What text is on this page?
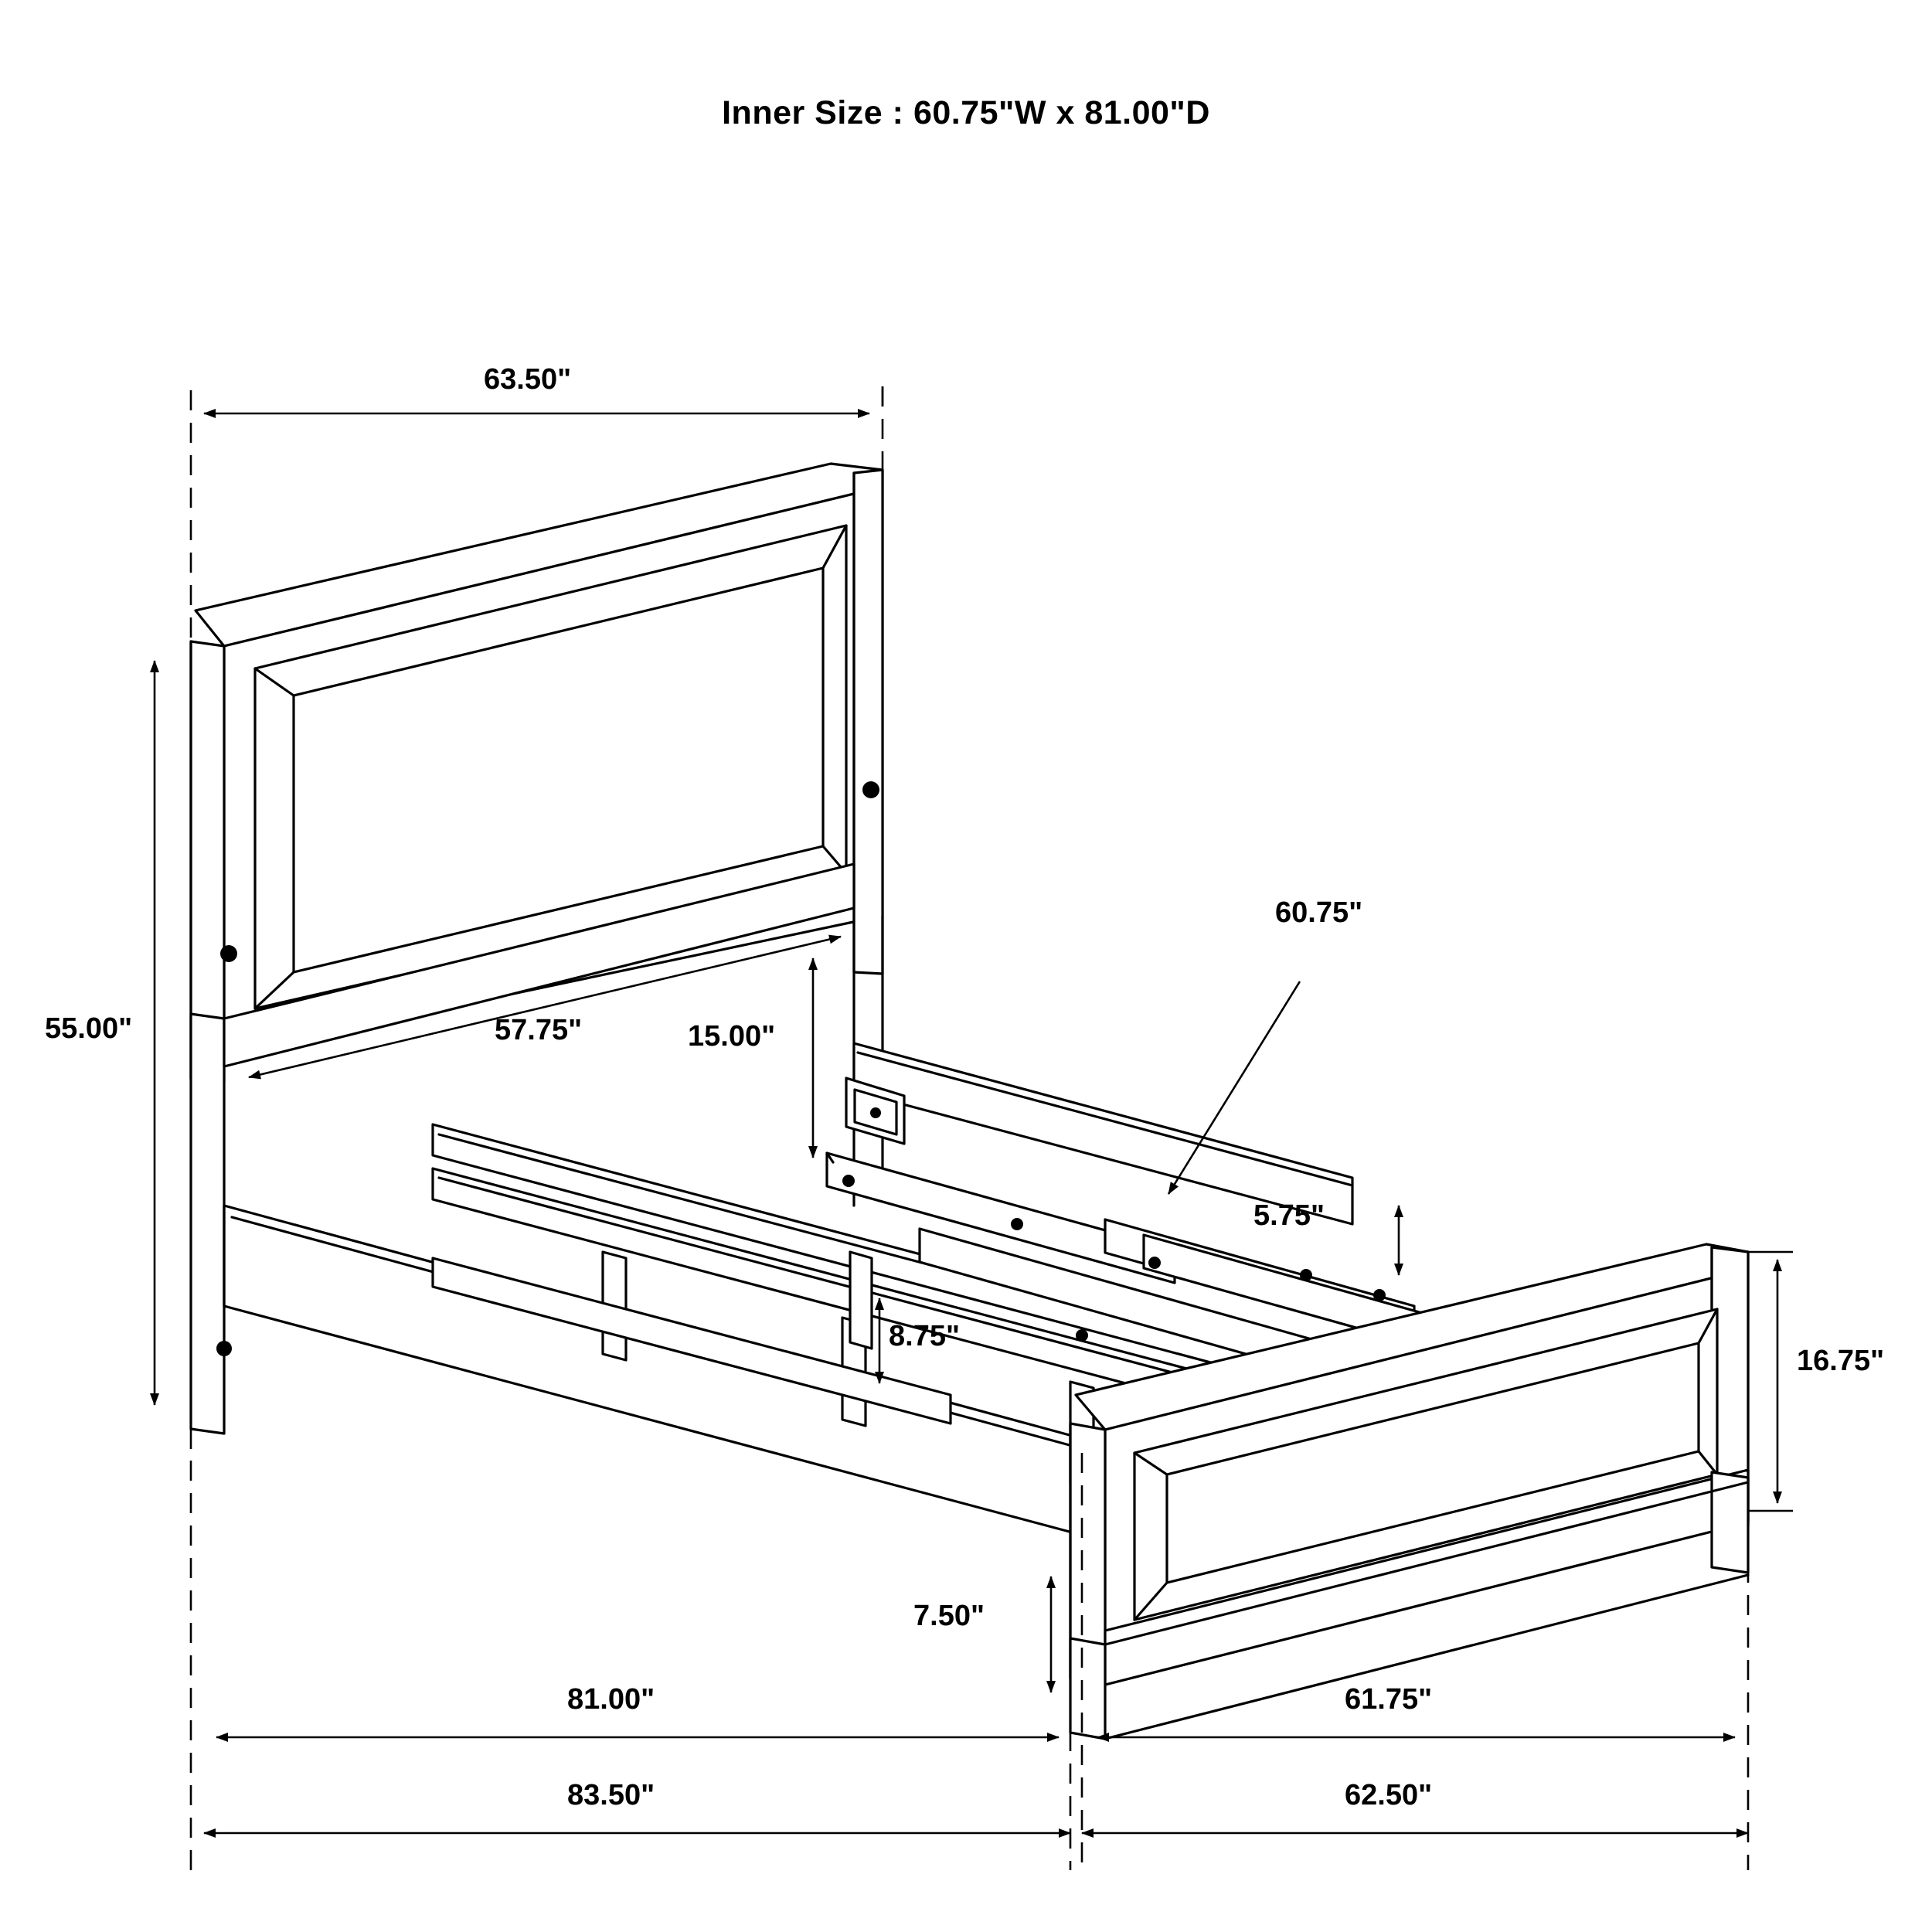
Inner Size : 60.75"W x 81.00"D
63.50"
55.00"	57.75"	15.00"
60.75"
5.75"
8.75"
16.75"
7.50"
81.00"	61.75"
83.50"	62.50"
